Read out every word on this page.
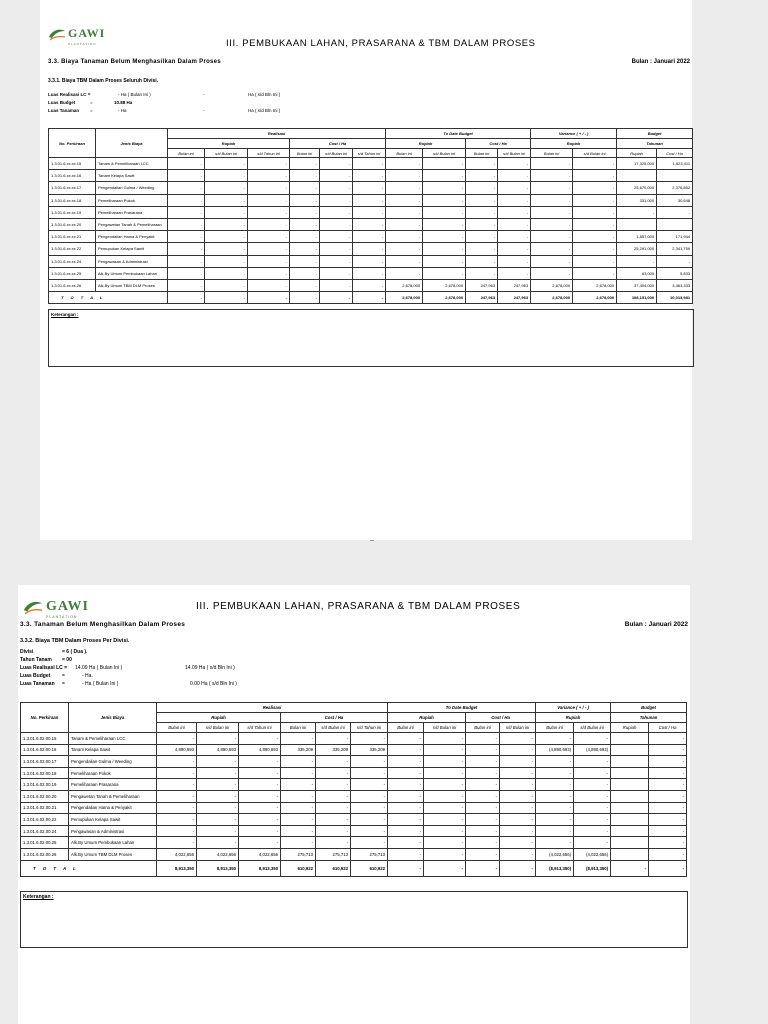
GAWI
PLANTATION	III. PEMBUKAAN LAHAN, PRASARANA & TBM DALAM PROSES
3.3. Biaya Tanaman Belum Menghasilkan Dalam Proses	Bulan : Januari 2022
3.3.1. Biaya TBM Dalam Proses Seluruh Divisi.
Luas Realisasi LC =	- Ha ( Bulan Ini )	-	Ha ( s/d Bln Ini )
Luas Budget	=	10.88 Ha
Luas Tanaman =	- Ha	-	Ha ( s/d Bln Ini )
No. Perkiraan	Jenis Biaya	Realisasi						To Date Budget				Variance ( + / - )		Budget	
		Rupiah			Cost / Ha			Rupiah		Cost / Ha		Rupiah		Tahunan	
		Bulan ini	s/d Bulan ini	s/d Tahun ini	Bulan ini	s/d Bulan ini	s/d Tahun ini	Bulan ini	s/d Bulan ini	Bulan ini	s/d Bulan ini	Bulan ini	s/d Bulan ini	Rupiah	Cost / Ha
1.3.01.6.xx.xx.15	Tanam & Pemeliharaan LCC	-	-	-	-	-	-	-	-	-	-	-	-	17,325,000	1,623,411
1.3.01.6.xx.xx.16	Tanam Kelapa Sawit	-	-	-	-	-	-	-	-	-	-	-	-		
1.3.01.6.xx.xx.17	Pengendalian Gulma / Weeding	-	-	-	-	-	-	-	-	-	-	-	-	25,670,000	2,376,852
1.3.01.6.xx.xx.18	Pemeliharaan Pokok	-	-	-	-	-	-	-	-	-	-	-	-	331,000	30,648
1.3.01.6.xx.xx.19	Pemeliharaan Prasarana	-	-	-	-	-	-	-	-	-	-	-	-	-	-
1.3.01.6.xx.xx.20	Pengawetan Tanah & Pemeliharaan	-	-	-	-	-	-	-	-	-	-	-	-		
1.3.01.6.xx.xx.21	Pengendalian Hama & Penyakit	-	-	-	-	-	-	-	-	-	-	-	-	1,857,000	171,944
1.3.01.6.xx.xx.22	Pemupukan Kelapa Sawit	-	-	-	-	-	-	-	-	-	-	-	-	25,291,000	2,341,759
1.3.01.6.xx.xx.24	Pengawasan & Administrasi	-	-	-	-	-	-	-	-	-	-	-	-	-	-
1.3.01.6.xx.xx.25	Alk.By Umum Pembukaan Lahan	-	-	-	-	-	-	-	-	-	-	-	-	63,000	5,833
1.3.01.6.xx.xx.26	Alk.By Umum TBM DLM Proses	-	-	-	-	-	-	2,678,000	2,678,000	247,963	247,963	2,678,000	2,678,000	37,404,000	3,463,333
T O T A L		-	-	-	-	-	-	2,678,000	2,678,000	247,963	247,963	2,678,000	2,678,000	108,151,000	10,013,981
Keterangan :
--
GAWI
PLANTATION
III. PEMBUKAAN LAHAN, PRASARANA & TBM DALAM PROSES
3.3. Tanaman Belum Menghasilkan Dalam Proses	Bulan : Januari 2022
3.3.2. Biaya TBM Dalam Proses Per Divisi.
Divisi	= 6 ( Dua ).
Tahun Tanam = 00
Luas Realisasi LC = 14.09 Ha ( Bulan Ini )	14.09 Ha ( s/d Bln Ini )
Luas Budget =	- Ha.
Luas Tanaman =	- Ha ( Bulan Ini )	0.00 Ha ( s/d Bln Ini )
No. Perkiraan	Jenis Biaya	Realisasi						To Date Budget				Variance ( + / - )		Budget	
		Rupiah			Cost / Ha			Rupiah		Cost / Ha		Rupiah		Tahunan	
		Bulan ini	s/d Bulan ini	s/d Tahun ini	Bulan ini	s/d Bulan ini	s/d Tahun ini	Bulan ini	s/d Bulan ini	Bulan ini	s/d Bulan ini	Bulan ini	s/d Bulan ini	Rupiah	Cost / Ha
1.3.01.6.02.00.15	Tanam & Pemeliharaan LCC	-	-	-	-	-	-	-	-	-	-	-	-		-
1.3.01.6.02.00.16	Tanam Kelapa Sawit	4,890,693	4,890,693	4,890,693	335,209	335,209	335,209	-	-	-	-	(4,890,693)	(4,890,693)		-
1.3.01.6.02.00.17	Pengendalian Gulma / Weeding	-	-	-	-	-	-	-	-	-	-	-	-		-
1.3.01.6.02.00.18	Pemeliharaan Pokok	-	-	-	-	-	-	-	-	-	-	-	-		-
1.3.01.6.02.00.19	Pemeliharaan Prasarana	-	-	-	-	-	-	-	-	-	-	-	-		-
1.3.01.6.02.00.20	Pengawetan Tanah & Pemeliharaan	-	-	-	-	-	-	-	-	-	-	-	-		-
1.3.01.6.02.00.21	Pengendalian Hama & Penyakit	-	-	-	-	-	-	-	-	-	-	-	-		-
1.3.01.6.02.00.22	Pemupukan Kelapa Sawit	-	-	-	-	-	-	-	-	-	-	-	-		-
1.3.01.6.02.00.24	Pengawasan & Administrasi	-	-	-	-	-	-	-	-	-	-	-	-		-
1.3.01.6.02.00.25	Alk.By Umum Pembukaan Lahan	-	-	-	-	-	-	-	-	-	-	-	-		-
1.3.01.6.02.00.26	Alk.By Umum TBM DLM Proses	4,022,656	4,022,656	4,022,656	275,713	275,713	275,713	-	-	-	-	(4,022,656)	(4,022,656)		-
T O T A L		8,913,350	8,913,350	8,913,350	610,922	610,922	610,922	-	-	-	-	(8,913,350)	(8,913,350)	-	-
Keterangan :
